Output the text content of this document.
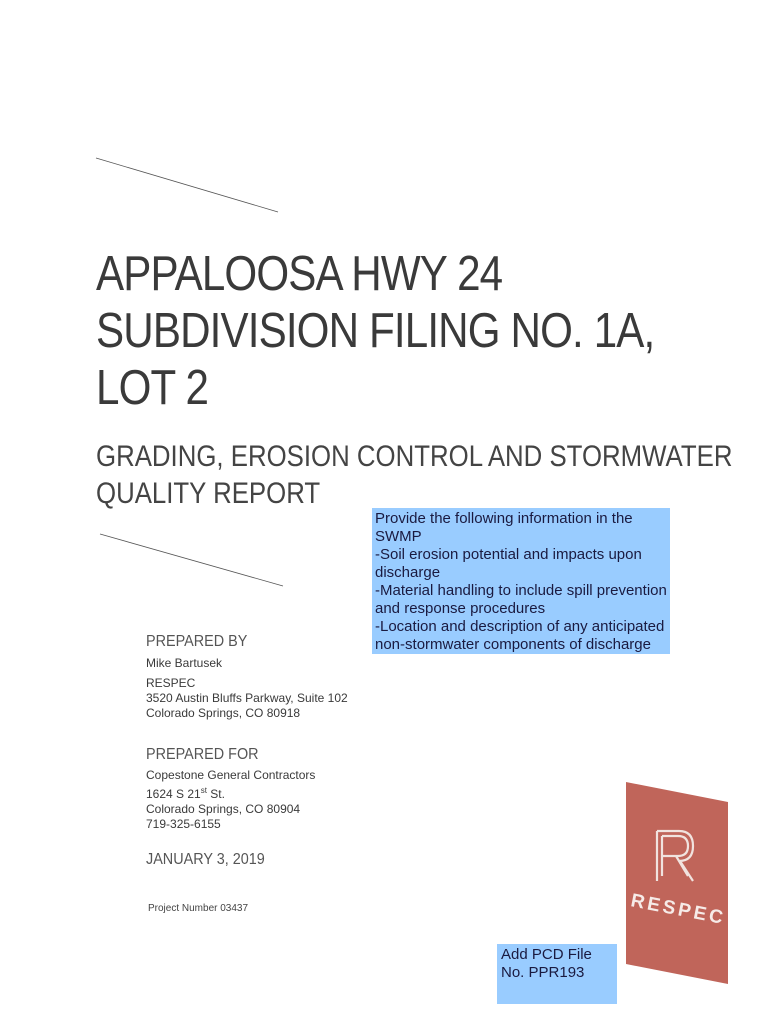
APPALOOSA HWY 24
SUBDIVISION FILING NO. 1A,
LOT 2
GRADING, EROSION CONTROL AND STORMWATER
QUALITY REPORT
Provide the following information in the
SWMP
-Soil erosion potential and impacts upon
discharge
-Material handling to include spill prevention
and response procedures
-Location and description of any anticipated
non-stormwater components of discharge
PREPARED BY
Mike Bartusek
RESPEC
3520 Austin Bluffs Parkway, Suite 102
Colorado Springs, CO 80918
PREPARED FOR
Copestone General Contractors
1624 S 21st St.
Colorado Springs, CO 80904
719-325-6155
JANUARY 3, 2019
Project Number 03437
Add PCD File
No. PPR193
RESPEC
